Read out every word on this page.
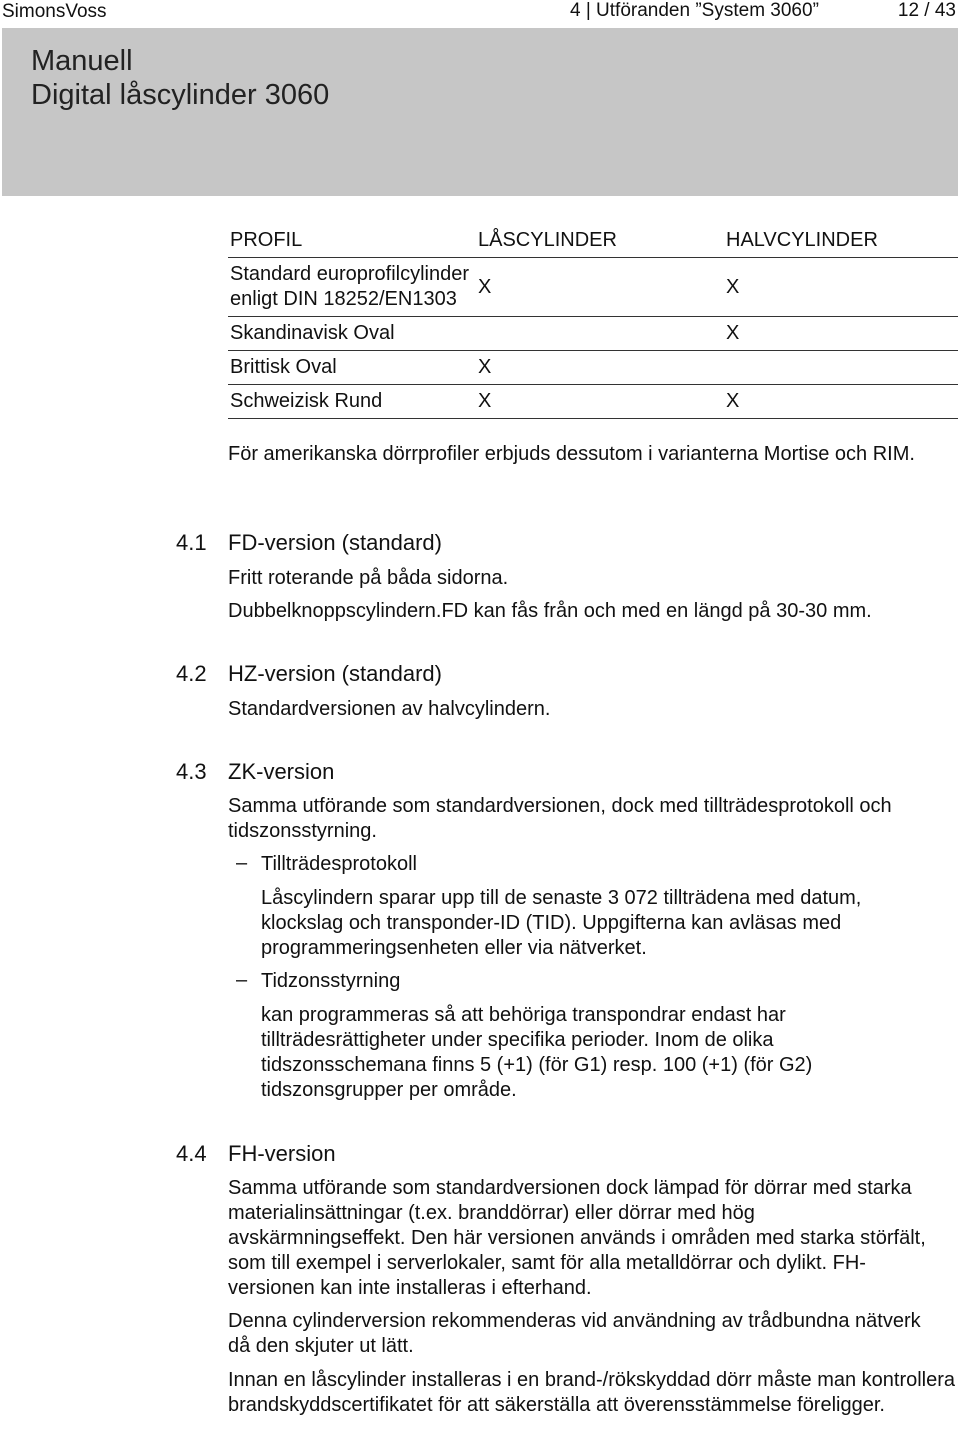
SimonsVoss	4 | Utföranden ”System 3060”	12 / 43
Manuell
Digital låscylinder 3060
PROFIL	LÅSCYLINDER	HALVCYLINDER
Standard europrofilcylinder enligt DIN 18252/EN1303	X	X
Skandinavisk Oval		X
Brittisk Oval	X	
Schweizisk Rund	X	X
För amerikanska dörrprofiler erbjuds dessutom i varianterna Mortise och RIM.
4.1 FD-version (standard)
Fritt roterande på båda sidorna.
Dubbelknoppscylindern.FD kan fås från och med en längd på 30-30 mm.
4.2 HZ-version (standard)
Standardversionen av halvcylindern.
4.3 ZK-version
Samma utförande som standardversionen, dock med tillträdesprotokoll och tidszonsstyrning.
– Tillträdesprotokoll
Låscylindern sparar upp till de senaste 3 072 tillträdena med datum, klockslag och transponder-ID (TID). Uppgifterna kan avläsas med programmeringsenheten eller via nätverket.
– Tidzonsstyrning
kan programmeras så att behöriga transpondrar endast har tillträdesrättigheter under specifika perioder. Inom de olika tidszonsschemana finns 5 (+1) (för G1) resp. 100 (+1) (för G2) tidszonsgrupper per område.
4.4 FH-version
Samma utförande som standardversionen dock lämpad för dörrar med starka materialinsättningar (t.ex. branddörrar) eller dörrar med hög avskärmningseffekt. Den här versionen används i områden med starka störfält, som till exempel i serverlokaler, samt för alla metalldörrar och dylikt. FH-versionen kan inte installeras i efterhand.
Denna cylinderversion rekommenderas vid användning av trådbundna nätverk då den skjuter ut lätt.
Innan en låscylinder installeras i en brand-/rökskyddad dörr måste man kontrollera brandskyddscertifikatet för att säkerställa att överensstämmelse föreligger.
